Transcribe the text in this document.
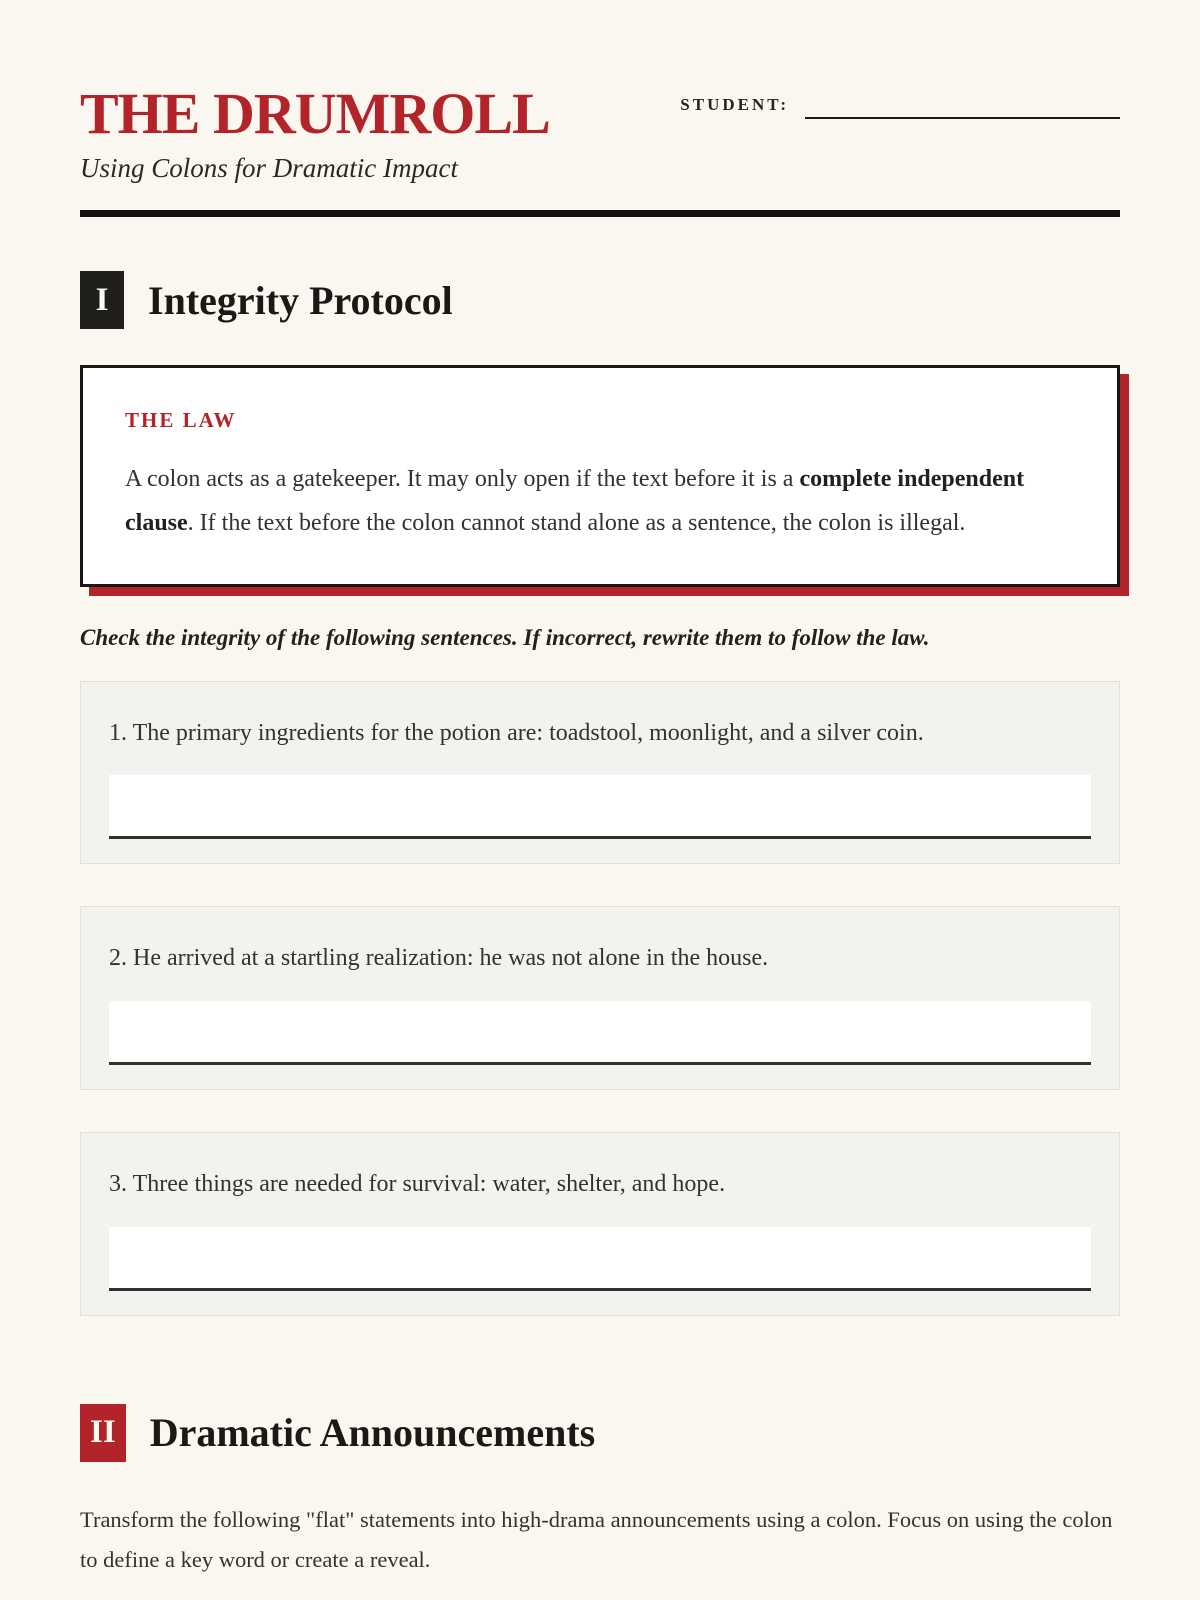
THE DRUMROLL
Using Colons for Dramatic Impact
STUDENT:
I Integrity Protocol
THE LAW

A colon acts as a gatekeeper. It may only open if the text before it is a complete independent clause. If the text before the colon cannot stand alone as a sentence, the colon is illegal.

Check the integrity of the following sentences. If incorrect, rewrite them to follow the law.

1. The primary ingredients for the potion are: toadstool, moonlight, and a silver coin.

2. He arrived at a startling realization: he was not alone in the house.

3. Three things are needed for survival: water, shelter, and hope.

II Dramatic Announcements

Transform the following "flat" statements into high-drama announcements using a colon. Focus on using the colon to define a key word or create a reveal.
